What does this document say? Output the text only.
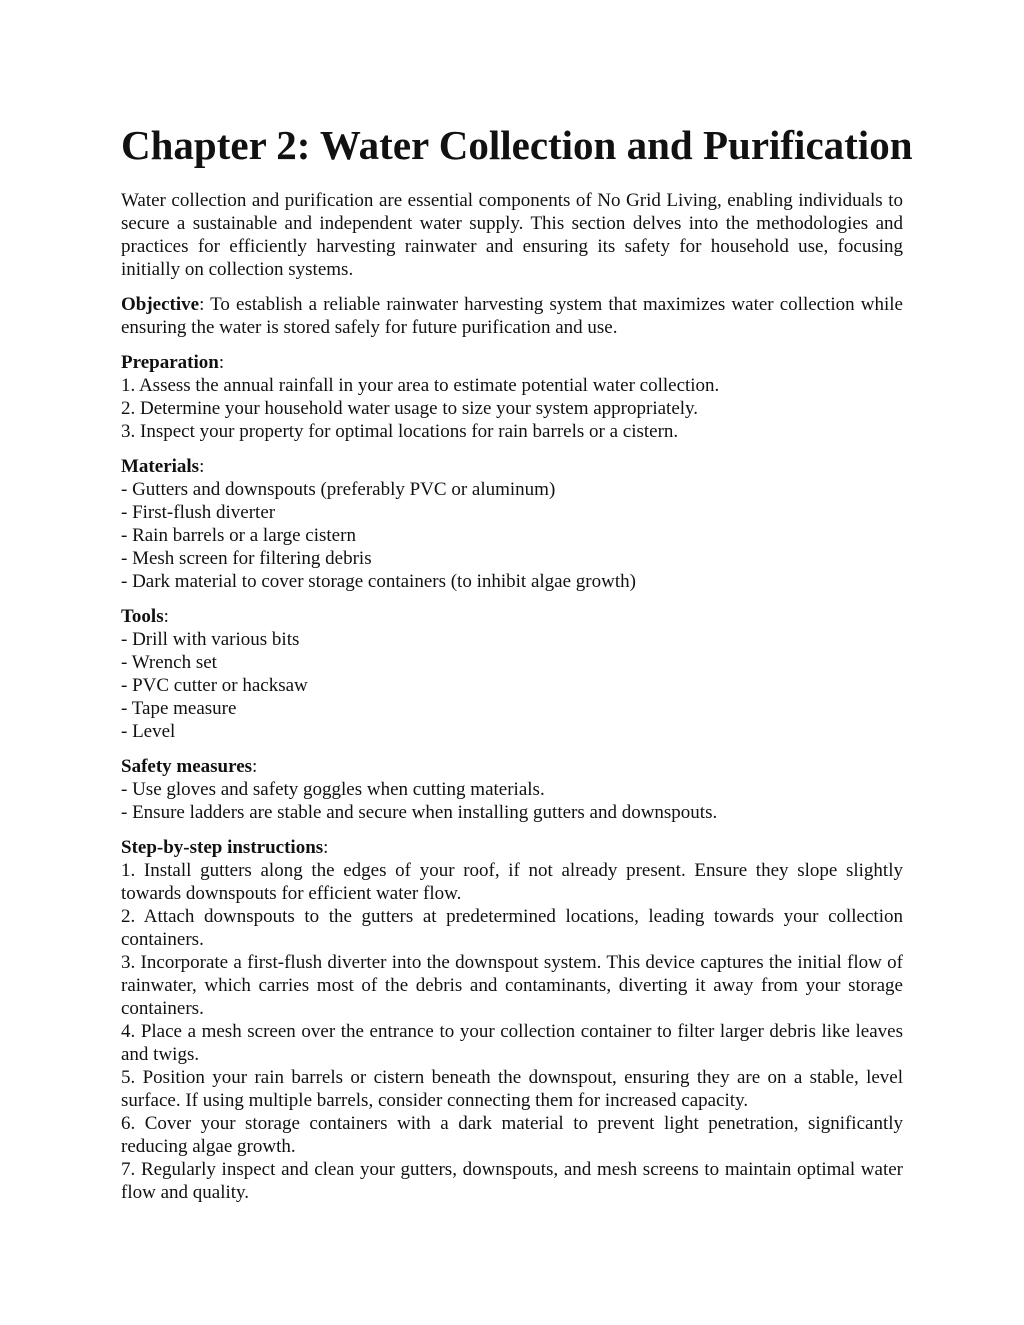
Chapter 2: Water Collection and Purification

Water collection and purification are essential components of No Grid Living, enabling individuals to secure a sustainable and independent water supply. This section delves into the methodologies and practices for efficiently harvesting rainwater and ensuring its safety for household use, focusing initially on collection systems.

Objective: To establish a reliable rainwater harvesting system that maximizes water collection while ensuring the water is stored safely for future purification and use.

Preparation:
1. Assess the annual rainfall in your area to estimate potential water collection.
2. Determine your household water usage to size your system appropriately.
3. Inspect your property for optimal locations for rain barrels or a cistern.
Materials:
- Gutters and downspouts (preferably PVC or aluminum)
- First-flush diverter
- Rain barrels or a large cistern
- Mesh screen for filtering debris
- Dark material to cover storage containers (to inhibit algae growth)
Tools:
- Drill with various bits
- Wrench set
- PVC cutter or hacksaw
- Tape measure
- Level
Safety measures:
- Use gloves and safety goggles when cutting materials.
- Ensure ladders are stable and secure when installing gutters and downspouts.
Step-by-step instructions:
1. Install gutters along the edges of your roof, if not already present. Ensure they slope slightly towards downspouts for efficient water flow.
2. Attach downspouts to the gutters at predetermined locations, leading towards your collection containers.
3. Incorporate a first-flush diverter into the downspout system. This device captures the initial flow of rainwater, which carries most of the debris and contaminants, diverting it away from your storage containers.
4. Place a mesh screen over the entrance to your collection container to filter larger debris like leaves and twigs.
5. Position your rain barrels or cistern beneath the downspout, ensuring they are on a stable, level surface. If using multiple barrels, consider connecting them for increased capacity.
6. Cover your storage containers with a dark material to prevent light penetration, significantly reducing algae growth.
7. Regularly inspect and clean your gutters, downspouts, and mesh screens to maintain optimal water flow and quality.
